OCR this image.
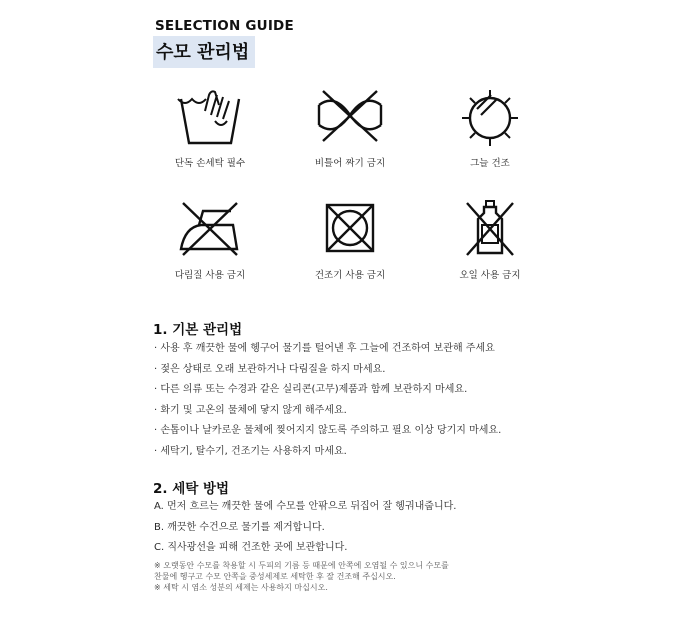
SELECTION GUIDE
수모 관리법
단독 손세탁 필수	비틀어 짜기 금지	그늘 건조
다림질 사용 금지	건조기 사용 금지	오일 사용 금지
1. 기본 관리법
· 사용 후 깨끗한 물에 헹구어 물기를 털어낸 후 그늘에 건조하여 보관해 주세요
· 젖은 상태로 오래 보관하거나 다림질을 하지 마세요.
· 다른 의류 또는 수경과 같은 실리콘(고무)제품과 함께 보관하지 마세요.
· 화기 및 고온의 물체에 닿지 않게 해주세요.
· 손톱이나 날카로운 물체에 찢어지지 않도록 주의하고 필요 이상 당기지 마세요.
· 세탁기, 탈수기, 건조기는 사용하지 마세요.
2. 세탁 방법
A. 먼저 흐르는 깨끗한 물에 수모를 안팎으로 뒤집어 잘 헹궈내줍니다.
B. 깨끗한 수건으로 물기를 제거합니다.
C. 직사광선을 피해 건조한 곳에 보관합니다.
※ 오랫동안 수모를 착용할 시 두피의 기름 등 때문에 안쪽에 오염될 수 있으니 수모를
찬물에 헹구고 수모 안쪽을 중성세제로 세탁한 후 잘 건조해 주십시오.
※ 세탁 시 염소 성분의 세제는 사용하지 마십시오.
